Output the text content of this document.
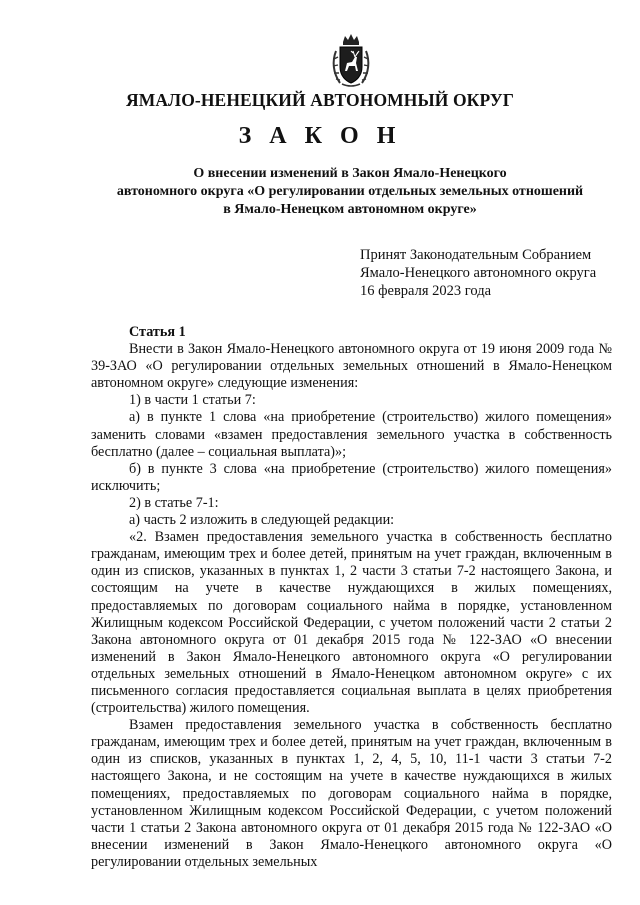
ЯМАЛО-НЕНЕЦКИЙ АВТОНОМНЫЙ ОКРУГ
З А К О Н
О внесении изменений в Закон Ямало-Ненецкого
автономного округа «О регулировании отдельных земельных отношений
в Ямало-Ненецком автономном округе»
Принят Законодательным Собранием
Ямало-Ненецкого автономного округа
16 февраля 2023 года
Статья 1

Внести в Закон Ямало-Ненецкого автономного округа от 19 июня 2009 года № 39-ЗАО «О регулировании отдельных земельных отношений в Ямало-Ненецком автономном округе» следующие изменения:

1) в части 1 статьи 7:

а) в пункте 1 слова «на приобретение (строительство) жилого помещения» заменить словами «взамен предоставления земельного участка в собственность бесплатно (далее – социальная выплата)»;

б) в пункте 3 слова «на приобретение (строительство) жилого помещения» исключить;

2) в статье 7-1:

а) часть 2 изложить в следующей редакции:

«2. Взамен предоставления земельного участка в собственность бесплатно гражданам, имеющим трех и более детей, принятым на учет граждан, включенным в один из списков, указанных в пунктах 1, 2 части 3 статьи 7-2 настоящего Закона, и состоящим на учете в качестве нуждающихся в жилых помещениях, предоставляемых по договорам социального найма в порядке, установленном Жилищным кодексом Российской Федерации, с учетом положений части 2 статьи 2 Закона автономного округа от 01 декабря 2015 года № 122-ЗАО «О внесении изменений в Закон Ямало-Ненецкого автономного округа «О регулировании отдельных земельных отношений в Ямало-Ненецком автономном округе» с их письменного согласия предоставляется социальная выплата в целях приобретения (строительства) жилого помещения.

Взамен предоставления земельного участка в собственность бесплатно гражданам, имеющим трех и более детей, принятым на учет граждан, включенным в один из списков, указанных в пунктах 1, 2, 4, 5, 10, 11-1 части 3 статьи 7-2 настоящего Закона, и не состоящим на учете в качестве нуждающихся в жилых помещениях, предоставляемых по договорам социального найма в порядке, установленном Жилищным кодексом Российской Федерации, с учетом положений части 1 статьи 2 Закона автономного округа от 01 декабря 2015 года № 122-ЗАО «О внесении изменений в Закон Ямало-Ненецкого автономного округа «О регулировании отдельных земельных
